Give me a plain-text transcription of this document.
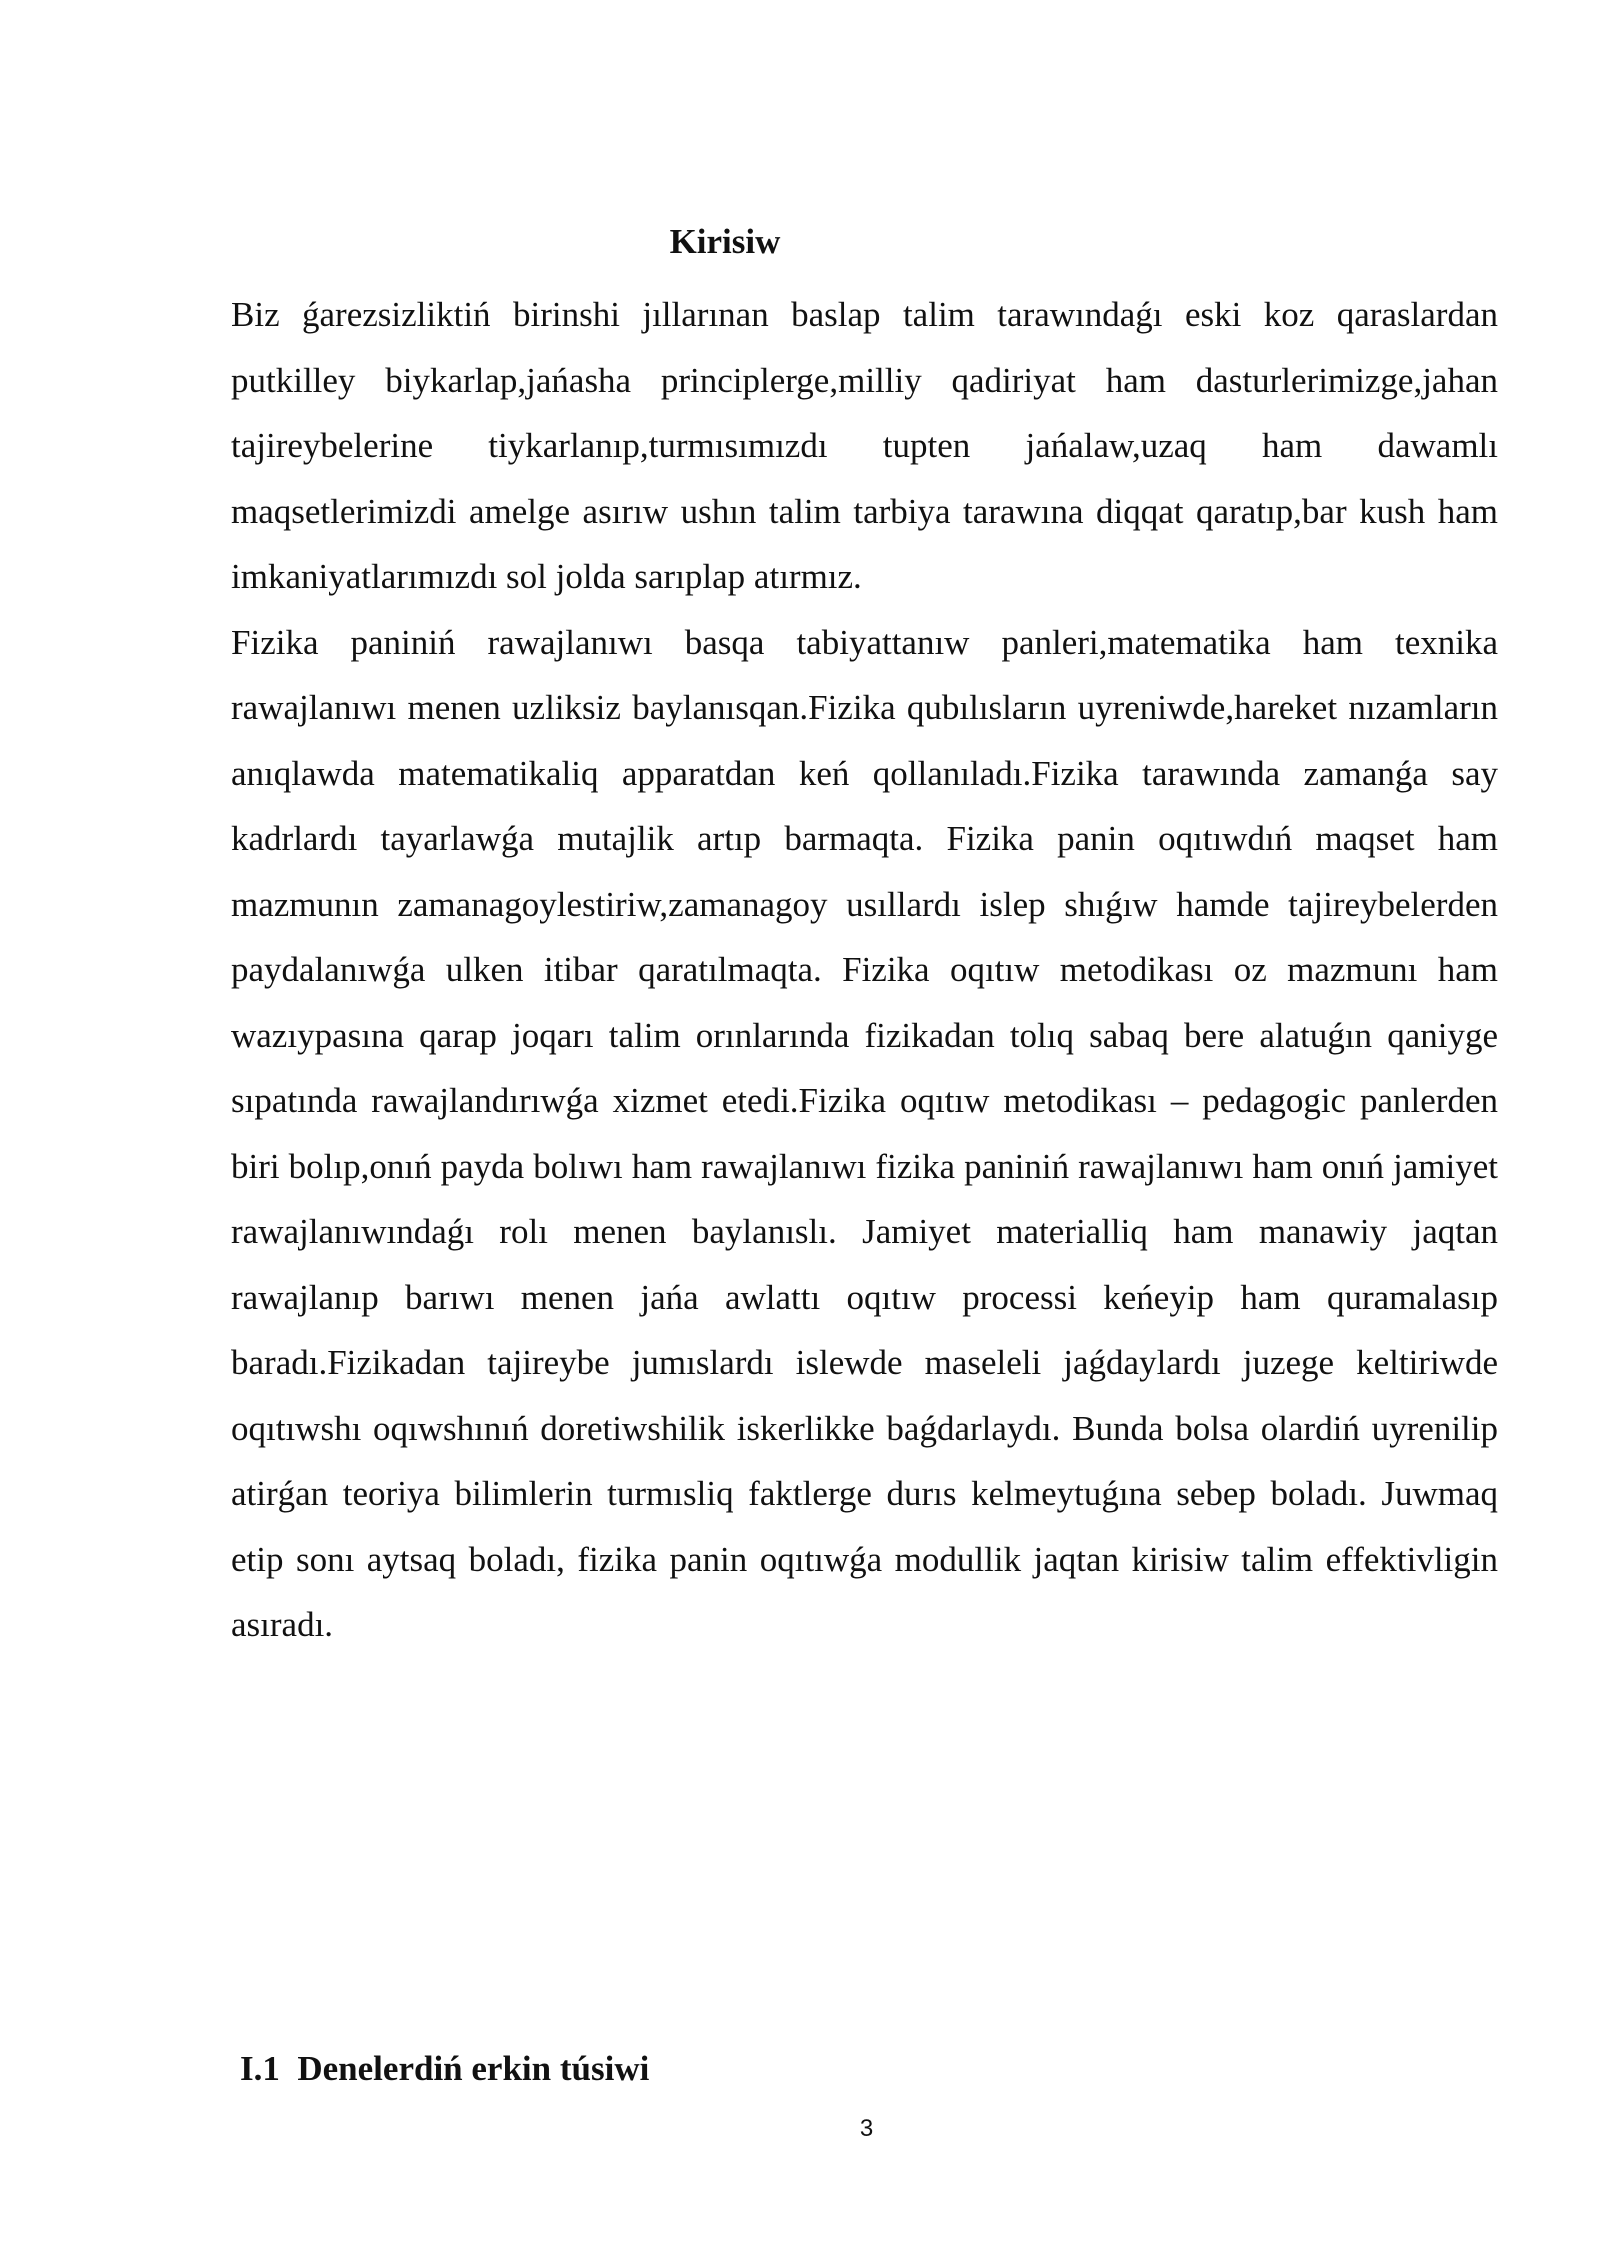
Kirisiw

Biz ǵarezsizliktiń birinshi jıllarınan baslap talim tarawındaǵı eski koz qaraslardan putkilley biykarlap,jańasha principlerge,milliy qadiriyat ham dasturlerimizge,jahan tajireybelerine tiykarlanıp,turmısımızdı tupten jańalaw,uzaq ham dawamlı maqsetlerimizdi amelge asırıw ushın talim tarbiya tarawına diqqat qaratıp,bar kush ham imkaniyatlarımızdı sol jolda sarıplap atırmız.

Fizika paniniń rawajlanıwı basqa tabiyattanıw panleri,matematika ham texnika rawajlanıwı menen uzliksiz baylanısqan.Fizika qubılısların uyreniwde,hareket nızamların anıqlawda matematikaliq apparatdan keń qollanıladı.Fizika tarawında zamanǵa say kadrlardı tayarlawǵa mutajlik artıp barmaqta. Fizika panin oqıtıwdıń maqset ham mazmunın zamanagoylestiriw,zamanagoy usıllardı islep shıǵıw hamde tajireybelerden paydalanıwǵa ulken itibar qaratılmaqta. Fizika oqıtıw metodikası oz mazmunı ham wazıypasına qarap joqarı talim orınlarında fizikadan tolıq sabaq bere alatuǵın qaniyge sıpatında rawajlandırıwǵa xizmet etedi.Fizika oqıtıw metodikası – pedagogic panlerden biri bolıp,onıń payda bolıwı ham rawajlanıwı fizika paniniń rawajlanıwı ham onıń jamiyet rawajlanıwındaǵı rolı menen baylanıslı. Jamiyet materialliq ham manawiy jaqtan rawajlanıp barıwı menen jańa awlattı oqıtıw processi keńeyip ham quramalasıp baradı.Fizikadan tajireybe jumıslardı islewde maseleli jaǵdaylardı juzege keltiriwde oqıtıwshı oqıwshınıń doretiwshilik iskerlikke baǵdarlaydı. Bunda bolsa olardiń uyrenilip atirǵan teoriya bilimlerin turmısliq faktlerge durıs kelmeytuǵına sebep boladı. Juwmaq etip sonı aytsaq boladı, fizika panin oqıtıwǵa modullik jaqtan kirisiw talim effektivligin asıradı.

I.1  Denelerdiń erkin túsiwi
3
